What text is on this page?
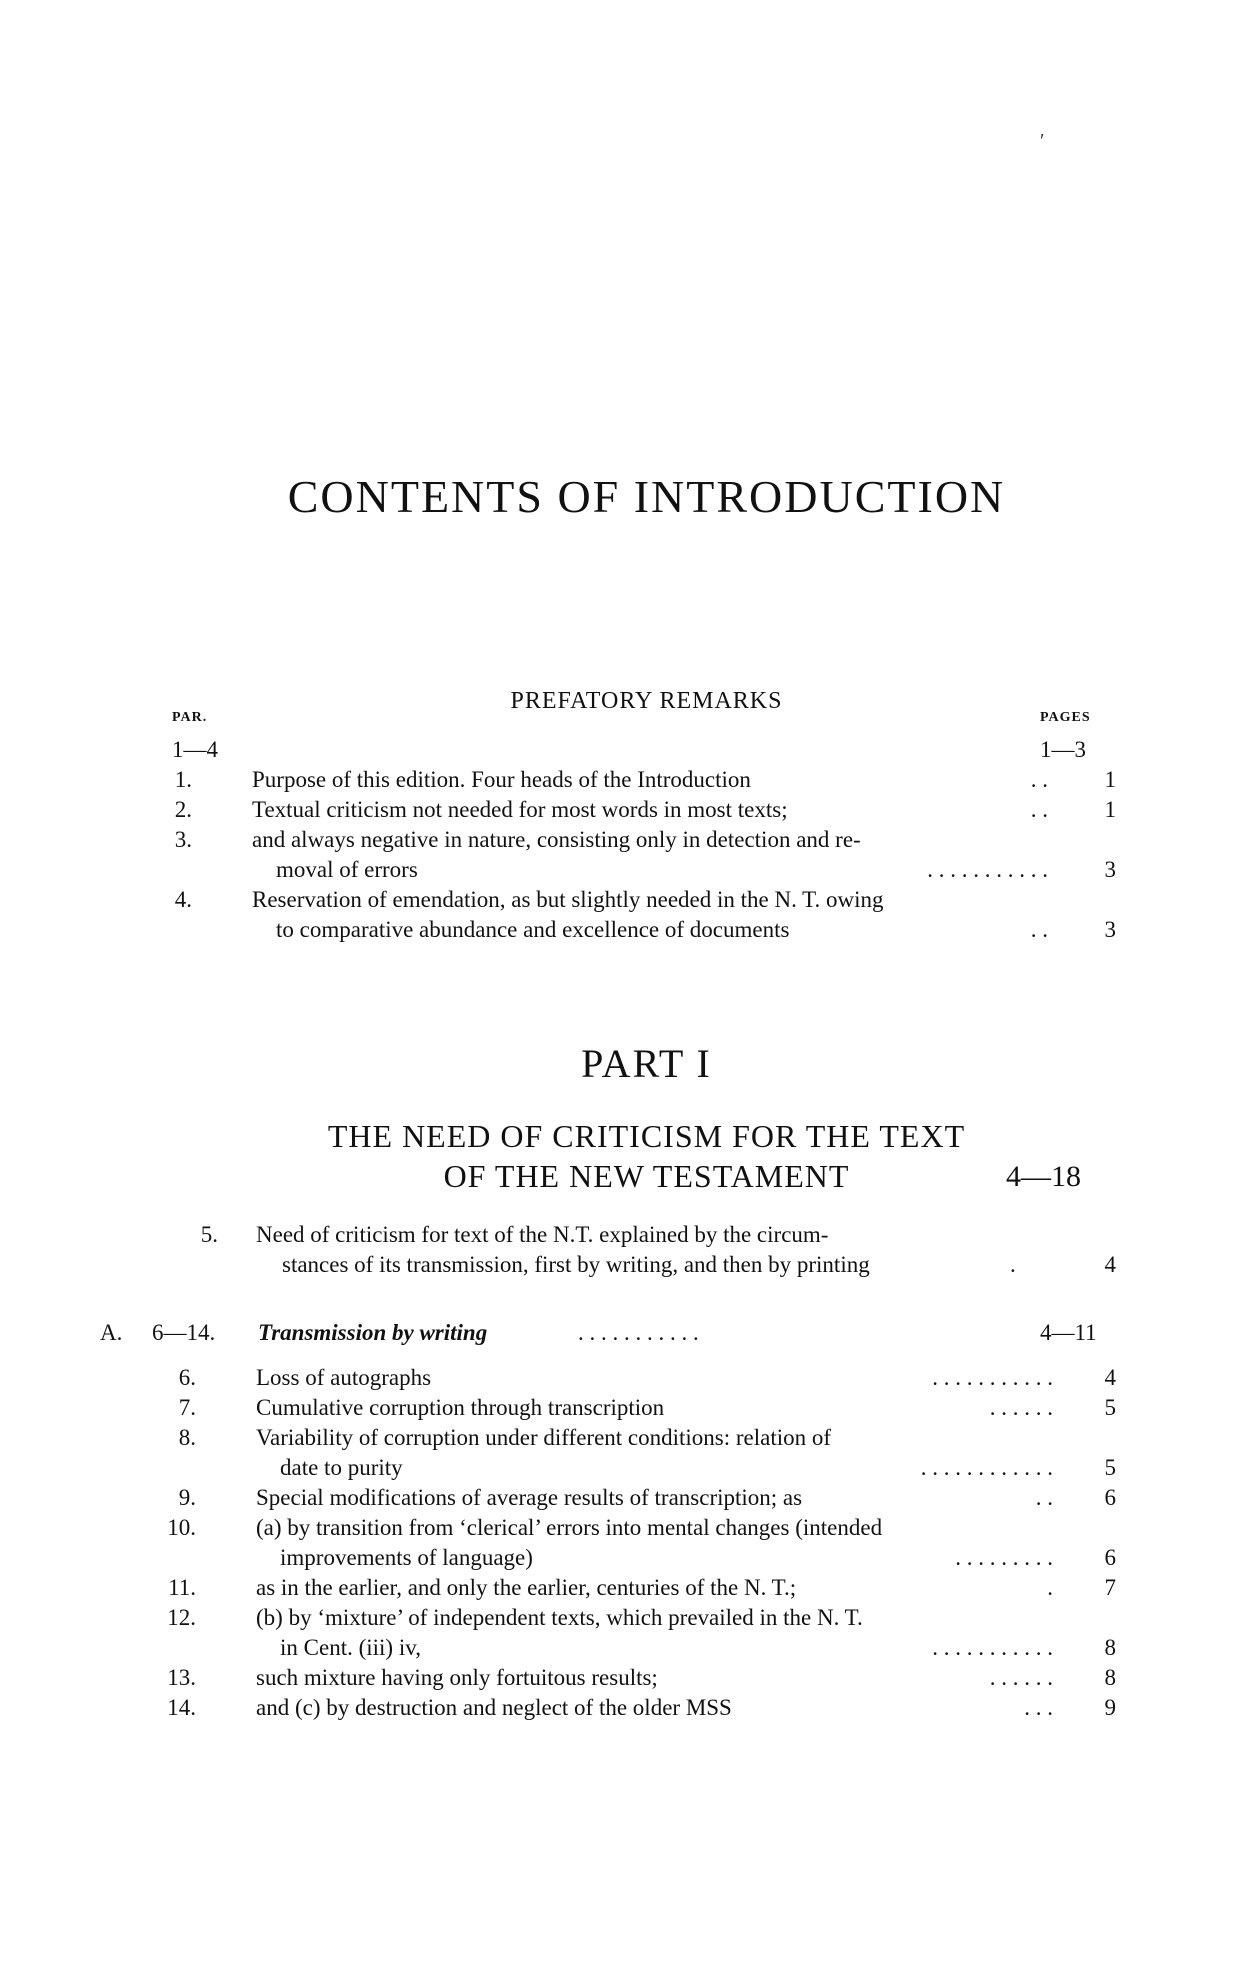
′
CONTENTS OF INTRODUCTION
PREFATORY REMARKS
PAR.	PAGES
1—4	1—3
1.	Purpose of this edition. Four heads of the Introduction	. .	1
2.	Textual criticism not needed for most words in most texts;	. .	1
3.	and always negative in nature, consisting only in detection and re-
moval of errors	. . . . . . . . . . .	3
4.	Reservation of emendation, as but slightly needed in the N. T. owing
to comparative abundance and excellence of documents	. .	3
PART I
THE NEED OF CRITICISM FOR THE TEXT
OF THE NEW TESTAMENT	4—18
5. Need of criticism for text of the N.T. explained by the circum-
stances of its transmission, first by writing, and then by printing	.	4
A. 6—14. Transmission by writing	. . . . . . . . . . .	4—11
6.	Loss of autographs	. . . . . . . . . . .	4
7.	Cumulative corruption through transcription	. . . . . .	5
8.	Variability of corruption under different conditions: relation of
date to purity	. . . . . . . . . . . .	5
9.	Special modifications of average results of transcription; as	. .	6
10.	(a) by transition from ‘clerical’ errors into mental changes (intended
improvements of language)	. . . . . . . . .	6
11.	as in the earlier, and only the earlier, centuries of the N. T.;	.	7
12.	(b) by ‘mixture’ of independent texts, which prevailed in the N. T.
in Cent. (iii) iv,	. . . . . . . . . . .	8
13.	such mixture having only fortuitous results;	. . . . . .	8
14.	and (c) by destruction and neglect of the older MSS	. . .	9
